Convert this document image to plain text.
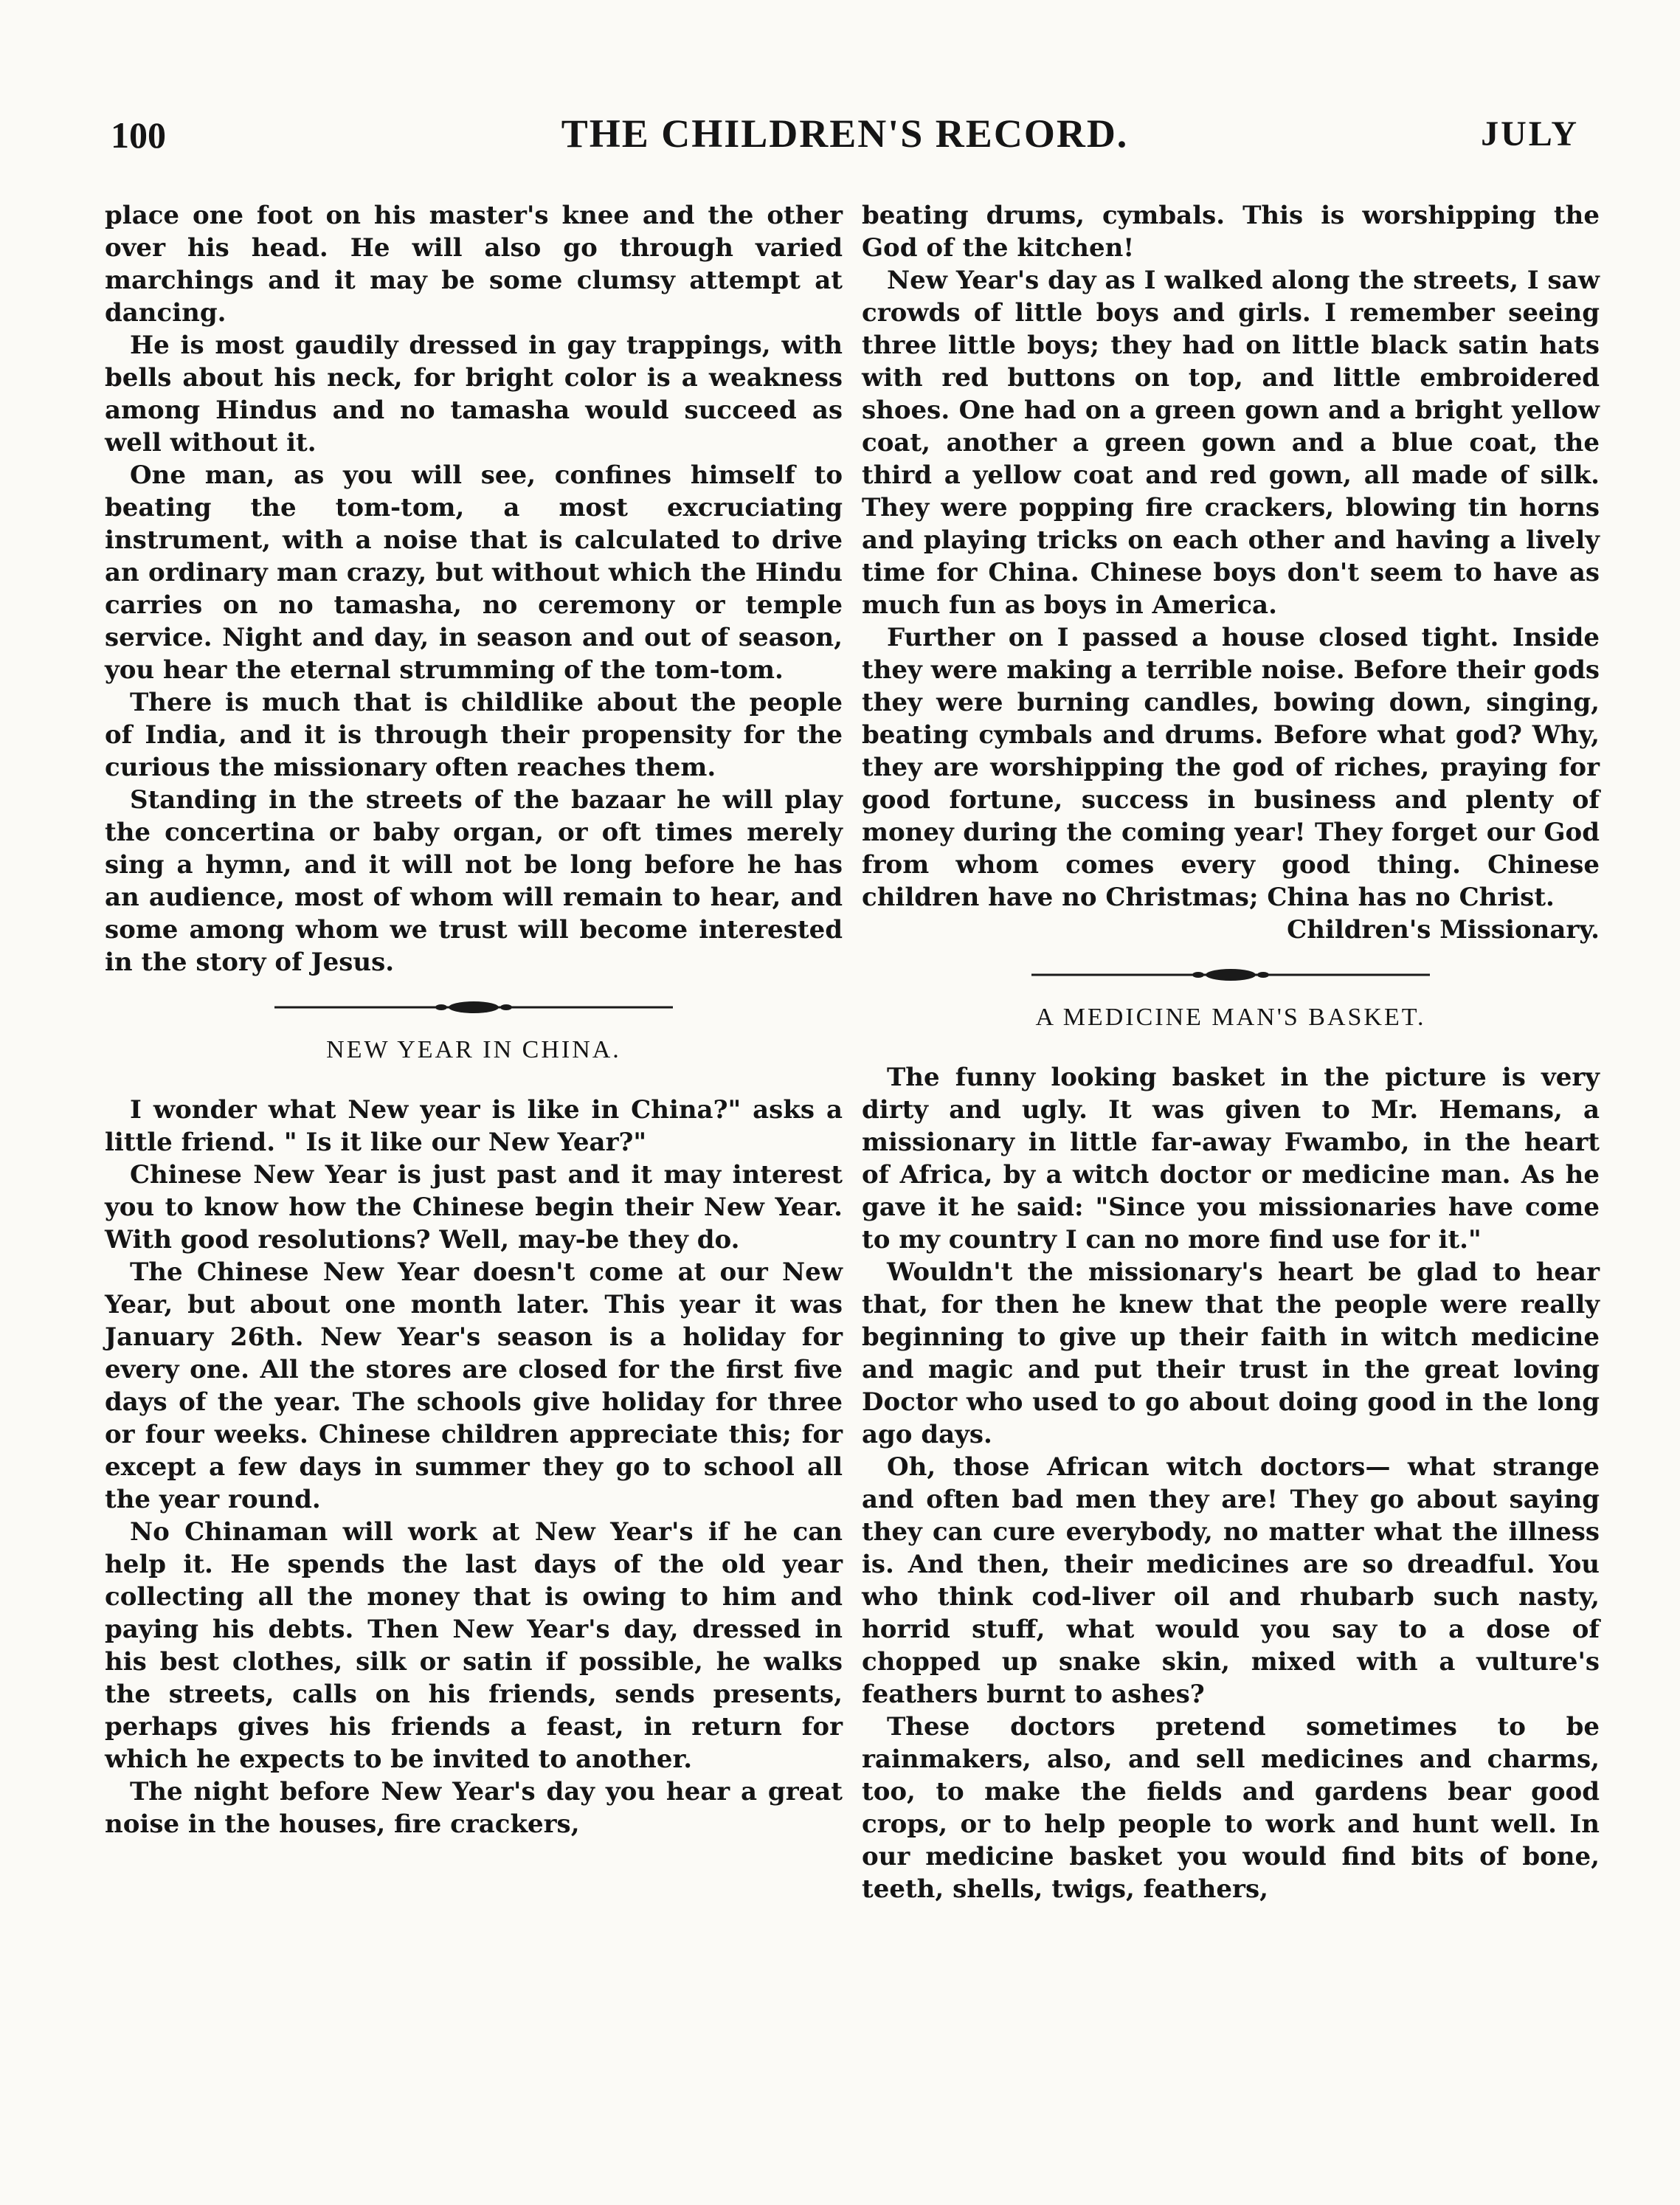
100	THE CHILDREN'S RECORD.	JULY

place one foot on his master's knee and the other over his head. He will also go through varied marchings and it may be some clumsy attempt at dancing.

He is most gaudily dressed in gay trappings, with bells about his neck, for bright color is a weakness among Hindus and no tamasha would succeed as well without it.

One man, as you will see, confines himself to beating the tom-tom, a most excruciating instrument, with a noise that is calculated to drive an ordinary man crazy, but without which the Hindu carries on no tamasha, no ceremony or temple service. Night and day, in season and out of season, you hear the eternal strumming of the tom-tom.

There is much that is childlike about the people of India, and it is through their propensity for the curious the missionary often reaches them.

Standing in the streets of the bazaar he will play the concertina or baby organ, or oft times merely sing a hymn, and it will not be long before he has an audience, most of whom will remain to hear, and some among whom we trust will become interested in the story of Jesus.

NEW YEAR IN CHINA.

I wonder what New year is like in China?" asks a little friend. " Is it like our New Year?"

Chinese New Year is just past and it may interest you to know how the Chinese begin their New Year. With good resolutions? Well, may-be they do.

The Chinese New Year doesn't come at our New Year, but about one month later. This year it was January 26th. New Year's season is a holiday for every one. All the stores are closed for the first five days of the year. The schools give holiday for three or four weeks. Chinese children appreciate this; for except a few days in summer they go to school all the year round.

No Chinaman will work at New Year's if he can help it. He spends the last days of the old year collecting all the money that is owing to him and paying his debts. Then New Year's day, dressed in his best clothes, silk or satin if possible, he walks the streets, calls on his friends, sends presents, perhaps gives his friends a feast, in return for which he expects to be invited to another.

The night before New Year's day you hear a great noise in the houses, fire crackers,

beating drums, cymbals. This is worshipping the God of the kitchen!

New Year's day as I walked along the streets, I saw crowds of little boys and girls. I remember seeing three little boys; they had on little black satin hats with red buttons on top, and little embroidered shoes. One had on a green gown and a bright yellow coat, another a green gown and a blue coat, the third a yellow coat and red gown, all made of silk. They were popping fire crackers, blowing tin horns and playing tricks on each other and having a lively time for China. Chinese boys don't seem to have as much fun as boys in America.

Further on I passed a house closed tight. Inside they were making a terrible noise. Before their gods they were burning candles, bowing down, singing, beating cymbals and drums. Before what god? Why, they are worshipping the god of riches, praying for good fortune, success in business and plenty of money during the coming year! They forget our God from whom comes every good thing. Chinese children have no Christmas; China has no Christ.

Children's Missionary.

A MEDICINE MAN'S BASKET.

The funny looking basket in the picture is very dirty and ugly. It was given to Mr. Hemans, a missionary in little far-away Fwambo, in the heart of Africa, by a witch doctor or medicine man. As he gave it he said: "Since you missionaries have come to my country I can no more find use for it."

Wouldn't the missionary's heart be glad to hear that, for then he knew that the people were really beginning to give up their faith in witch medicine and magic and put their trust in the great loving Doctor who used to go about doing good in the long ago days.

Oh, those African witch doctors— what strange and often bad men they are! They go about saying they can cure everybody, no matter what the illness is. And then, their medicines are so dreadful. You who think cod-liver oil and rhubarb such nasty, horrid stuff, what would you say to a dose of chopped up snake skin, mixed with a vulture's feathers burnt to ashes?

These doctors pretend sometimes to be rainmakers, also, and sell medicines and charms, too, to make the fields and gardens bear good crops, or to help people to work and hunt well. In our medicine basket you would find bits of bone, teeth, shells, twigs, feathers,
